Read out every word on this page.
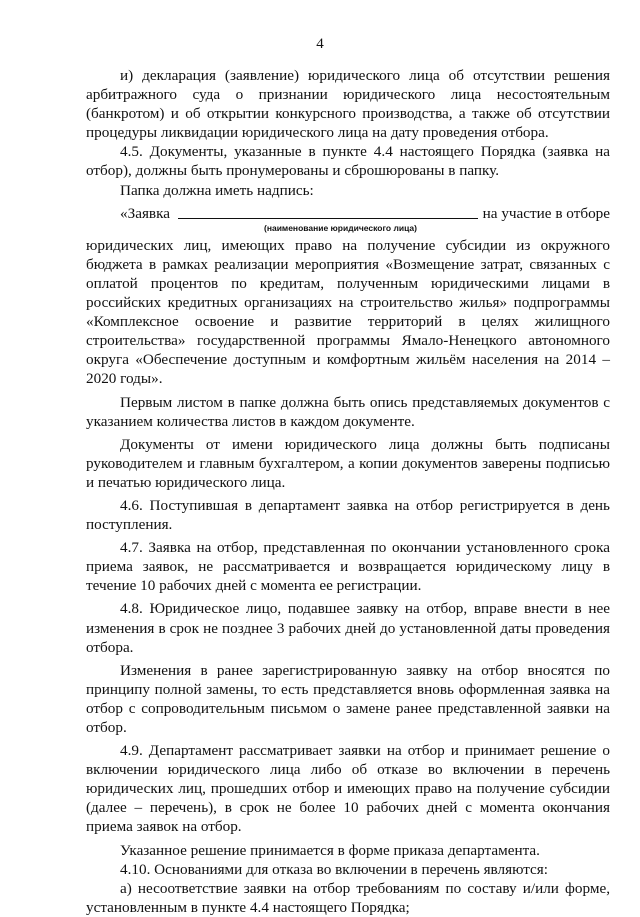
4

и) декларация (заявление) юридического лица об отсутствии решения арбитражного суда о признании юридического лица несостоятельным (банкротом) и об открытии конкурсного производства, а также об отсутствии процедуры ликвидации юридического лица на дату проведения отбора.

4.5. Документы, указанные в пункте 4.4 настоящего Порядка (заявка на отбор), должны быть пронумерованы и сброшюрованы в папку.

Папка должна иметь надпись:

«Заявка	на участие в отборе
(наименование юридического лица)

юридических лиц, имеющих право на получение субсидии из окружного бюджета в рамках реализации мероприятия «Возмещение затрат, связанных с оплатой процентов по кредитам, полученным юридическими лицами в российских кредитных организациях на строительство жилья» подпрограммы «Комплексное освоение и развитие территорий в целях жилищного строительства» государственной программы Ямало-Ненецкого автономного округа «Обеспечение доступным и комфортным жильём населения на 2014 – 2020 годы».

Первым листом в папке должна быть опись представляемых документов с указанием количества листов в каждом документе.

Документы от имени юридического лица должны быть подписаны руководителем и главным бухгалтером, а копии документов заверены подписью и печатью юридического лица.

4.6. Поступившая в департамент заявка на отбор регистрируется в день поступления.

4.7. Заявка на отбор, представленная по окончании установленного срока приема заявок, не рассматривается и возвращается юридическому лицу в течение 10 рабочих дней с момента ее регистрации.

4.8. Юридическое лицо, подавшее заявку на отбор, вправе внести в нее изменения в срок не позднее 3 рабочих дней до установленной даты проведения отбора.

Изменения в ранее зарегистрированную заявку на отбор вносятся по принципу полной замены, то есть представляется вновь оформленная заявка на отбор с сопроводительным письмом о замене ранее представленной заявки на отбор.

4.9. Департамент рассматривает заявки на отбор и принимает решение о включении юридического лица либо об отказе во включении в перечень юридических лиц, прошедших отбор и имеющих право на получение субсидии (далее – перечень), в срок не более 10 рабочих дней с момента окончания приема заявок на отбор.

Указанное решение принимается в форме приказа департамента.

4.10. Основаниями для отказа во включении в перечень являются:

а) несоответствие заявки на отбор требованиям по составу и/или форме, установленным в пункте 4.4 настоящего Порядка;
